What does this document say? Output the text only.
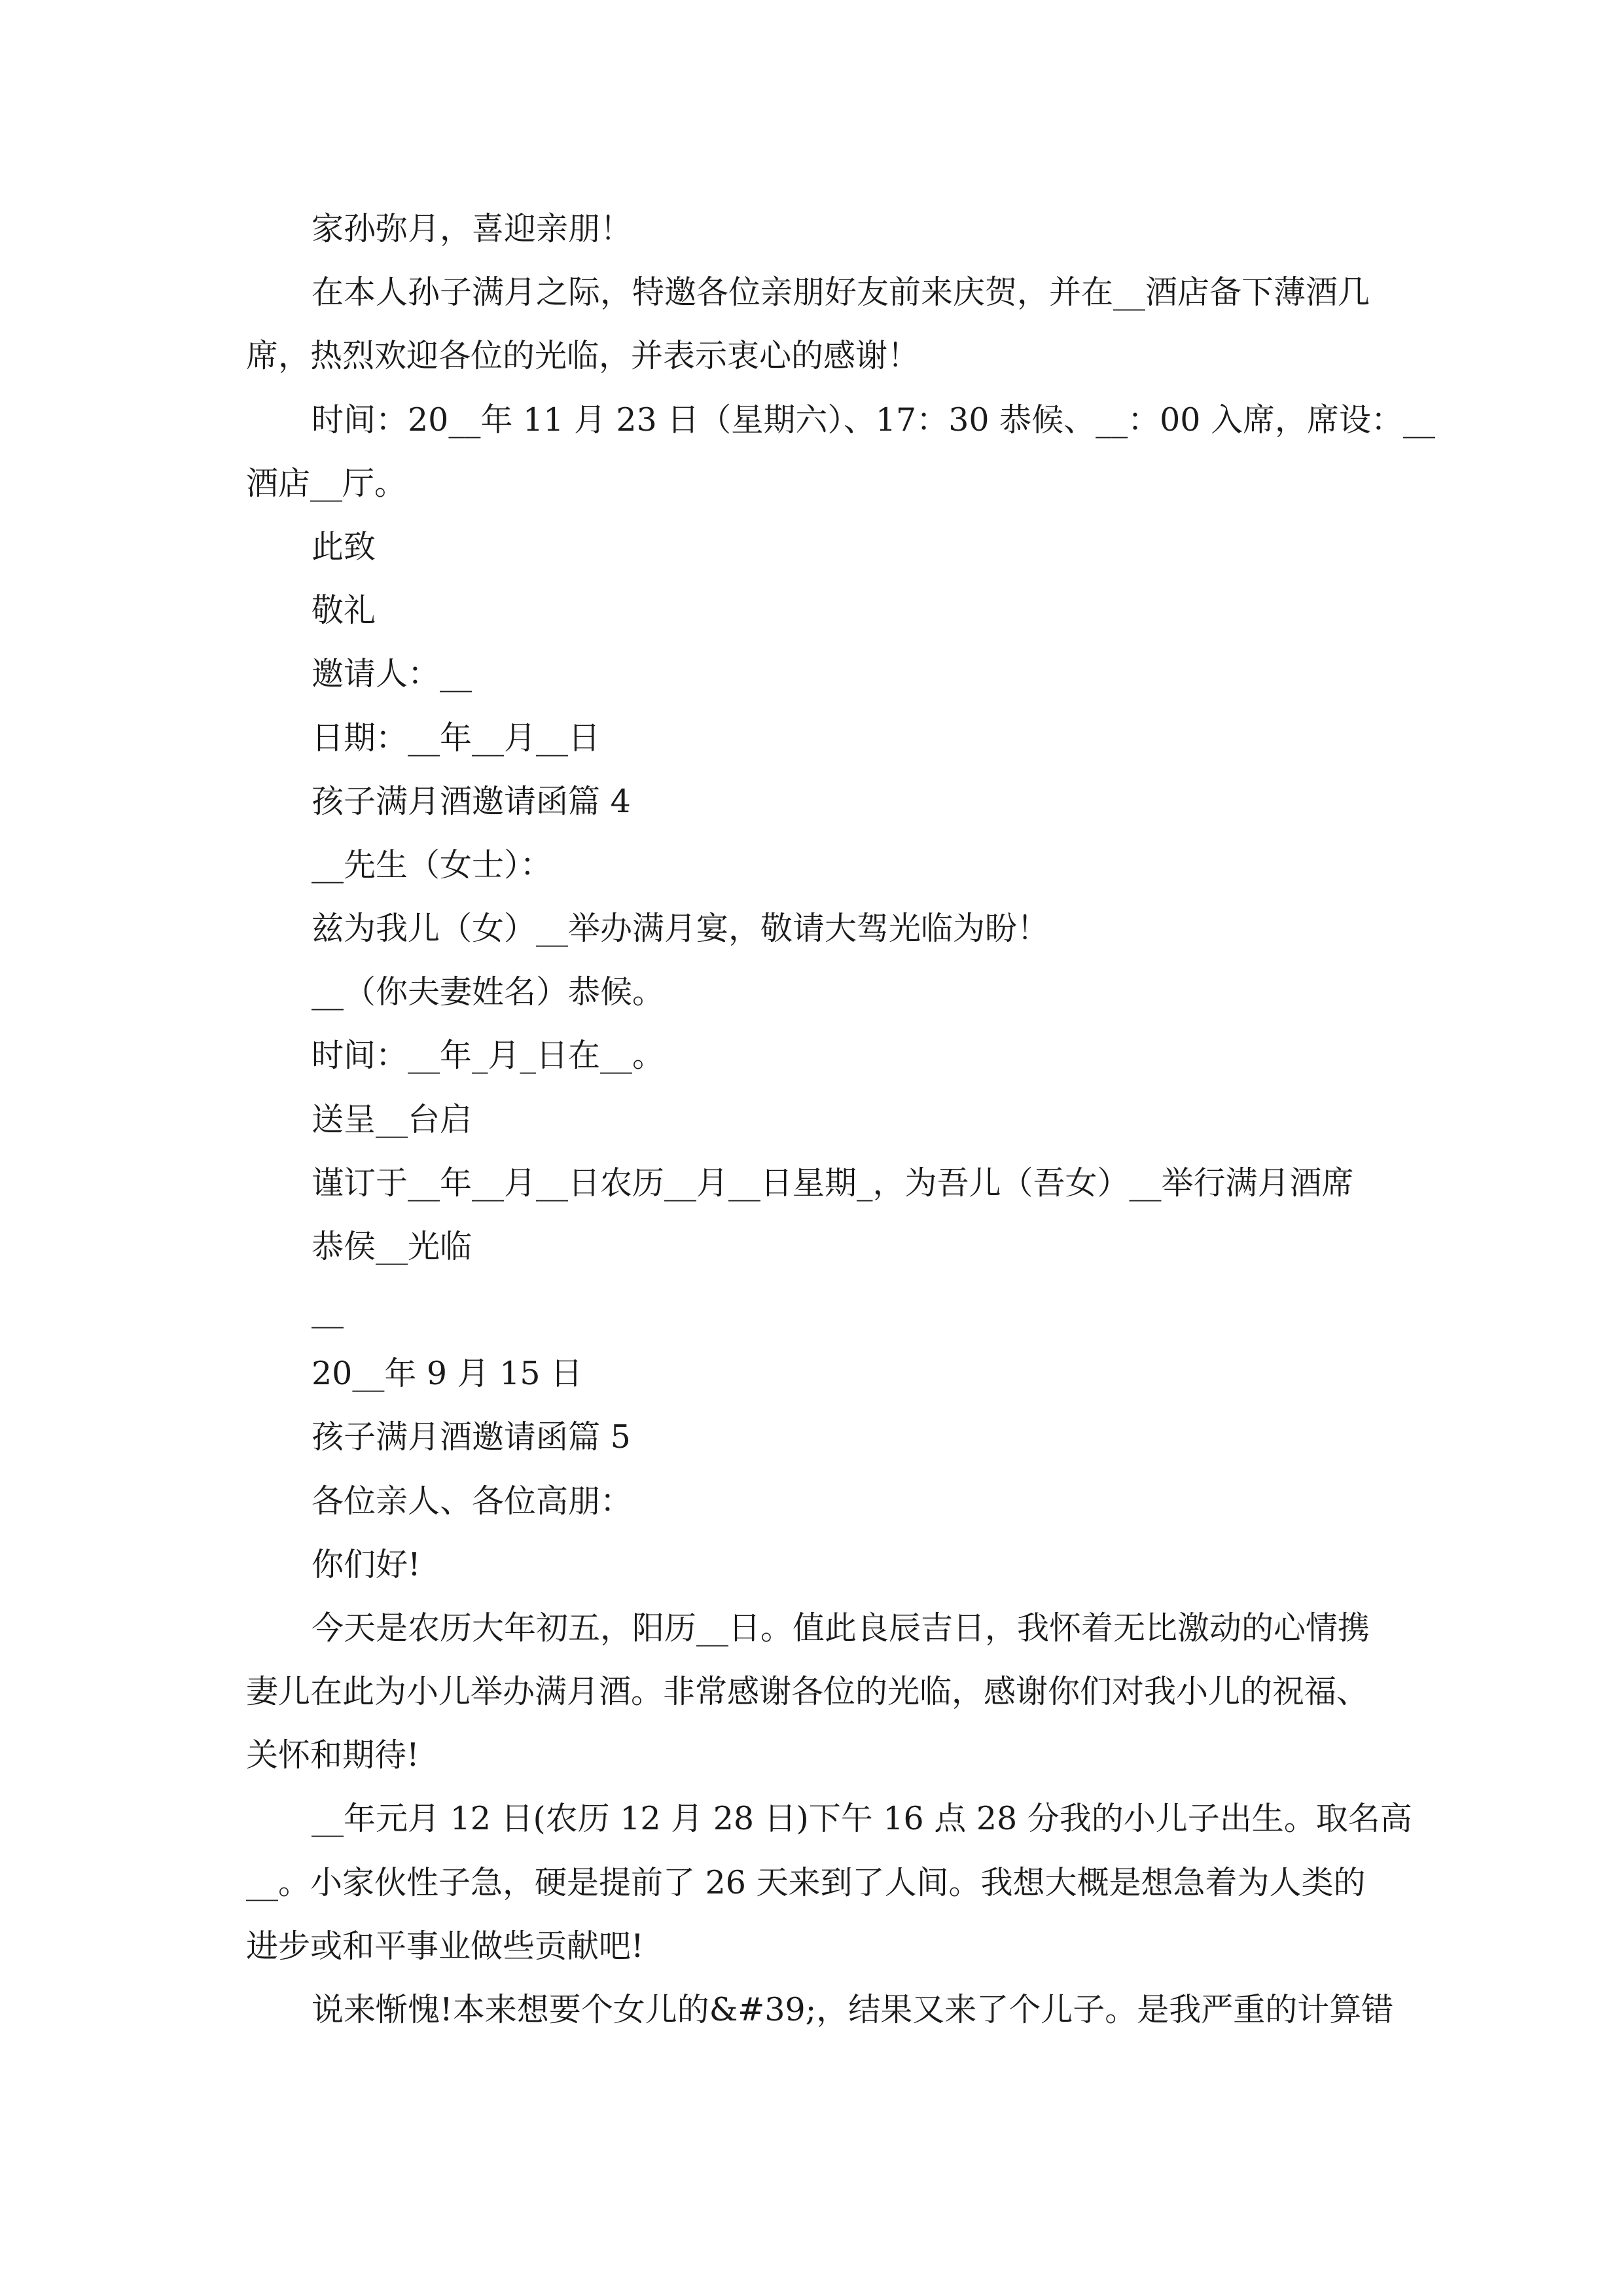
家孙弥月，喜迎亲朋！
在本人孙子满月之际，特邀各位亲朋好友前来庆贺，并在__酒店备下薄酒几
席，热烈欢迎各位的光临，并表示衷心的感谢！
时间：20__年 11 月 23 日（星期六）、17：30 恭候、__：00 入席，席设：__
酒店__厅。
此致
敬礼
邀请人：__
日期：__年__月__日
孩子满月酒邀请函篇 4
__先生（女士）：
兹为我儿（女）__举办满月宴，敬请大驾光临为盼！
__（你夫妻姓名）恭候。
时间：__年_月_日在__。
送呈__台启
谨订于__年__月__日农历__月__日星期_，为吾儿（吾女）__举行满月酒席
恭侯__光临
__
20__年 9 月 15 日
孩子满月酒邀请函篇 5
各位亲人、各位高朋：
你们好!
今天是农历大年初五，阳历__日。值此良辰吉日，我怀着无比激动的心情携
妻儿在此为小儿举办满月酒。非常感谢各位的光临，感谢你们对我小儿的祝福、
关怀和期待!
__年元月 12 日(农历 12 月 28 日)下午 16 点 28 分我的小儿子出生。取名高
__。小家伙性子急，硬是提前了 26 天来到了人间。我想大概是想急着为人类的
进步或和平事业做些贡献吧!
说来惭愧!本来想要个女儿的&#39;，结果又来了个儿子。是我严重的计算错
